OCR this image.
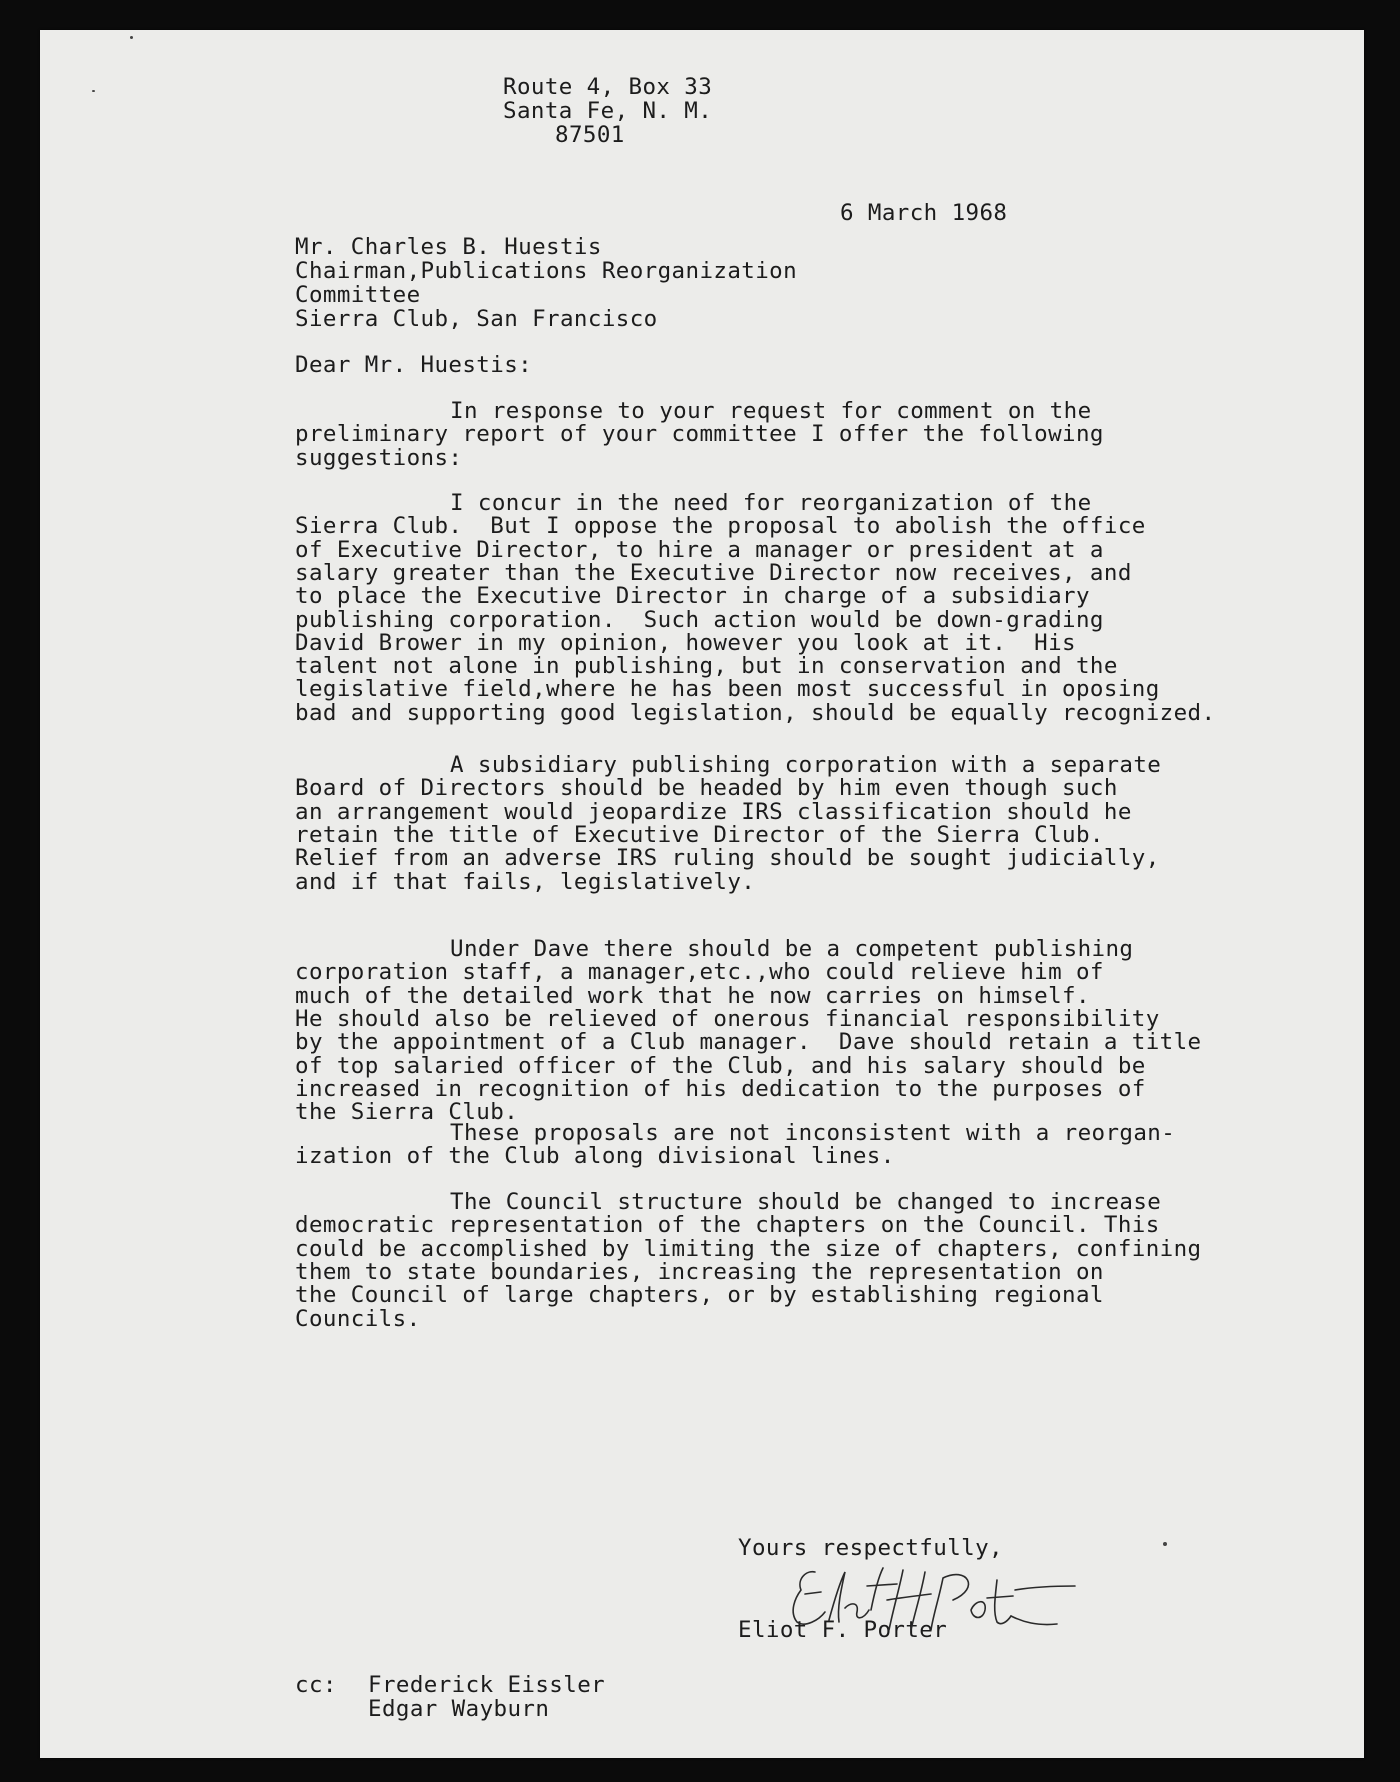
Route 4, Box 33
Santa Fe, N. M.
87501
6 March 1968
Mr. Charles B. Huestis
Chairman,Publications Reorganization
Committee
Sierra Club, San Francisco
Dear Mr. Huestis:
In response to your request for comment on the
preliminary report of your committee I offer the following
suggestions:
I concur in the need for reorganization of the
Sierra Club.  But I oppose the proposal to abolish the office
of Executive Director, to hire a manager or president at a
salary greater than the Executive Director now receives, and
to place the Executive Director in charge of a subsidiary
publishing corporation.  Such action would be down-grading
David Brower in my opinion, however you look at it.  His
talent not alone in publishing, but in conservation and the
legislative field,where he has been most successful in oposing
bad and supporting good legislation, should be equally recognized.
A subsidiary publishing corporation with a separate
Board of Directors should be headed by him even though such
an arrangement would jeopardize IRS classification should he
retain the title of Executive Director of the Sierra Club.
Relief from an adverse IRS ruling should be sought judicially,
and if that fails, legislatively.
Under Dave there should be a competent publishing
corporation staff, a manager,etc.,who could relieve him of
much of the detailed work that he now carries on himself.
He should also be relieved of onerous financial responsibility
by the appointment of a Club manager.  Dave should retain a title
of top salaried officer of the Club, and his salary should be
increased in recognition of his dedication to the purposes of
the Sierra Club.
These proposals are not inconsistent with a reorgan-
ization of the Club along divisional lines.
The Council structure should be changed to increase
democratic representation of the chapters on the Council. This
could be accomplished by limiting the size of chapters, confining
them to state boundaries, increasing the representation on
the Council of large chapters, or by establishing regional
Councils.
Yours respectfully,
Eliot F. Porter
cc: Frederick Eissler
Edgar Wayburn
